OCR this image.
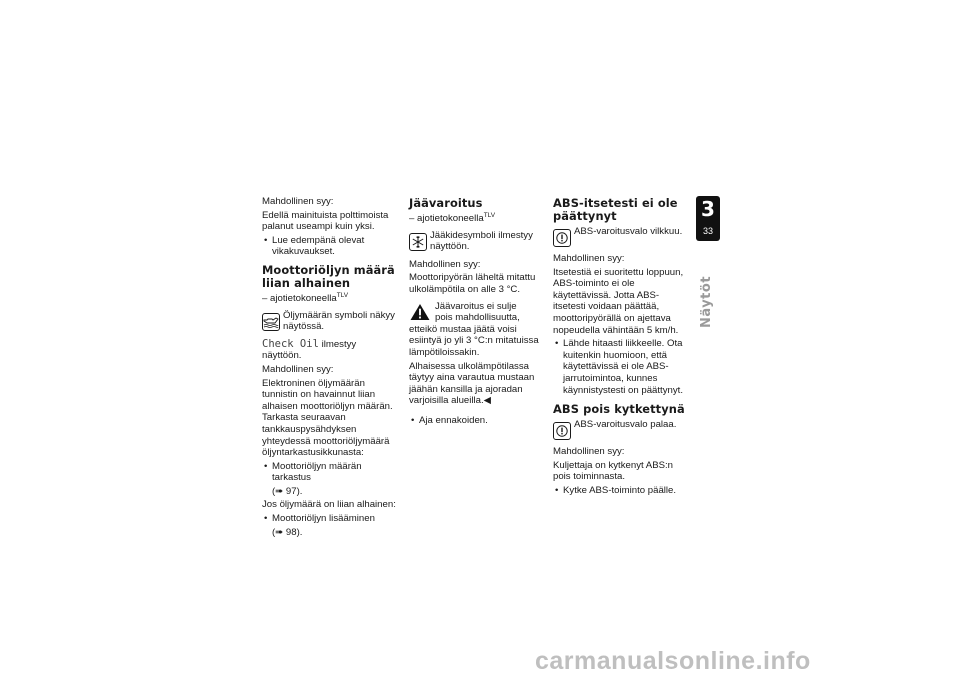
Mahdollinen syy:

Edellä mainituista polttimoista palanut useampi kuin yksi.

• Lue edempänä olevat vikakuvaukset.

Moottoriöljyn määrä liian alhainen

– ajotietokoneella$^{TLV}$

Öljymäärän symboli näkyy näytössä.

Check Oil ilmestyy näyttöön.

Mahdollinen syy:

Elektroninen öljymäärän tunnistin on havainnut liian alhaisen moottoriöljyn määrän. Tarkasta seuraavan tankkauspysähdyksen yhteydessä moottoriöljymäärä öljyntarkastusikkunasta:

• Moottoriöljyn määrän tarkastus

(➠ 97).

Jos öljymäärä on liian alhainen:

• Moottoriöljyn lisääminen

(➠ 98).

Jäävaroitus

– ajotietokoneella$^{TLV}$

Jääkidesymboli ilmestyy näyttöön.

Mahdollinen syy:

Moottoripyörän läheltä mitattu ulkolämpötila on alle 3 °C.

Jäävaroitus ei sulje
pois mahdollisuutta,

etteikö mustaa jäätä voisi esiintyä jo yli 3 °C:n mitatuissa lämpötiloissakin.

Alhaisessa ulkolämpötilassa täytyy aina varautua mustaan jäähän kansilla ja ajoradan varjoisilla alueilla.◀

• Aja ennakoiden.

ABS-itsetesti ei ole päättynyt
ABS-varoitusvalo vilkkuu.

Mahdollinen syy:

Itsetestiä ei suoritettu loppuun, ABS-toiminto ei ole käytettävissä. Jotta ABS-itsetesti voidaan päättää, moottoripyörällä on ajettava nopeudella vähintään 5 km/h.

• Lähde hitaasti liikkeelle. Ota kuitenkin huomioon, että käytettävissä ei ole ABS-jarrutoimintoa, kunnes käynnistystesti on päättynyt.

ABS pois kytkettynä
ABS-varoitusvalo palaa.

Mahdollinen syy:

Kuljettaja on kytkenyt ABS:n pois toiminnasta.

• Kytke ABS-toiminto päälle.

3
33
Näytöt
carmanualsonline.info
